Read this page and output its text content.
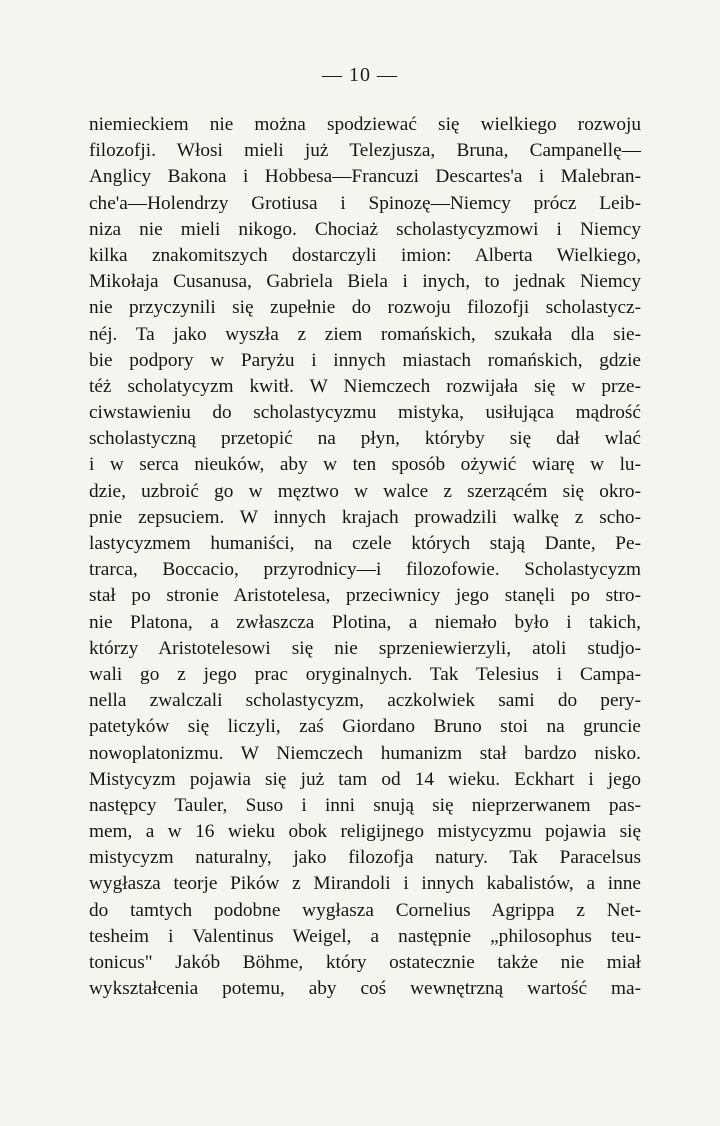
— 10 —
niemieckiem nie można spodziewać się wielkiego rozwoju
filozofji. Włosi mieli już Telezjusza, Bruna, Campanellę—
Anglicy Bakona i Hobbesa—Francuzi Descartes'a i Malebran-
che'a—Holendrzy Grotiusa i Spinozę—Niemcy prócz Leib-
niza nie mieli nikogo. Chociaż scholastycyzmowi i Niemcy
kilka znakomitszych dostarczyli imion: Alberta Wielkiego,
Mikołaja Cusanusa, Gabriela Biela i inych, to jednak Niemcy
nie przyczynili się zupełnie do rozwoju filozofji scholastycz-
néj. Ta jako wyszła z ziem romańskich, szukała dla sie-
bie podpory w Paryżu i innych miastach romańskich, gdzie
téż scholatycyzm kwitł. W Niemczech rozwijała się w prze-
ciwstawieniu do scholastycyzmu mistyka, usiłująca mądrość
scholastyczną przetopić na płyn, któryby się dał wlać
i w serca nieuków, aby w ten sposób ożywić wiarę w lu-
dzie, uzbroić go w męztwo w walce z szerzącém się okro-
pnie zepsuciem. W innych krajach prowadzili walkę z scho-
lastycyzmem humaniści, na czele których stają Dante, Pe-
trarca, Boccacio, przyrodnicy—i filozofowie. Scholastycyzm
stał po stronie Aristotelesa, przeciwnicy jego stanęli po stro-
nie Platona, a zwłaszcza Plotina, a niemało było i takich,
którzy Aristotelesowi się nie sprzeniewierzyli, atoli studjo-
wali go z jego prac oryginalnych. Tak Telesius i Campa-
nella zwalczali scholastycyzm, aczkolwiek sami do pery-
patetyków się liczyli, zaś Giordano Bruno stoi na gruncie
nowoplatonizmu. W Niemczech humanizm stał bardzo nisko.
Mistycyzm pojawia się już tam od 14 wieku. Eckhart i jego
następcy Tauler, Suso i inni snują się nieprzerwanem pas-
mem, a w 16 wieku obok religijnego mistycyzmu pojawia się
mistycyzm naturalny, jako filozofja natury. Tak Paracelsus
wygłasza teorje Pików z Mirandoli i innych kabalistów, a inne
do tamtych podobne wygłasza Cornelius Agrippa z Net-
tesheim i Valentinus Weigel, a następnie „philosophus teu-
tonicus" Jakób Böhme, który ostatecznie także nie miał
wykształcenia potemu, aby coś wewnętrzną wartość ma-
